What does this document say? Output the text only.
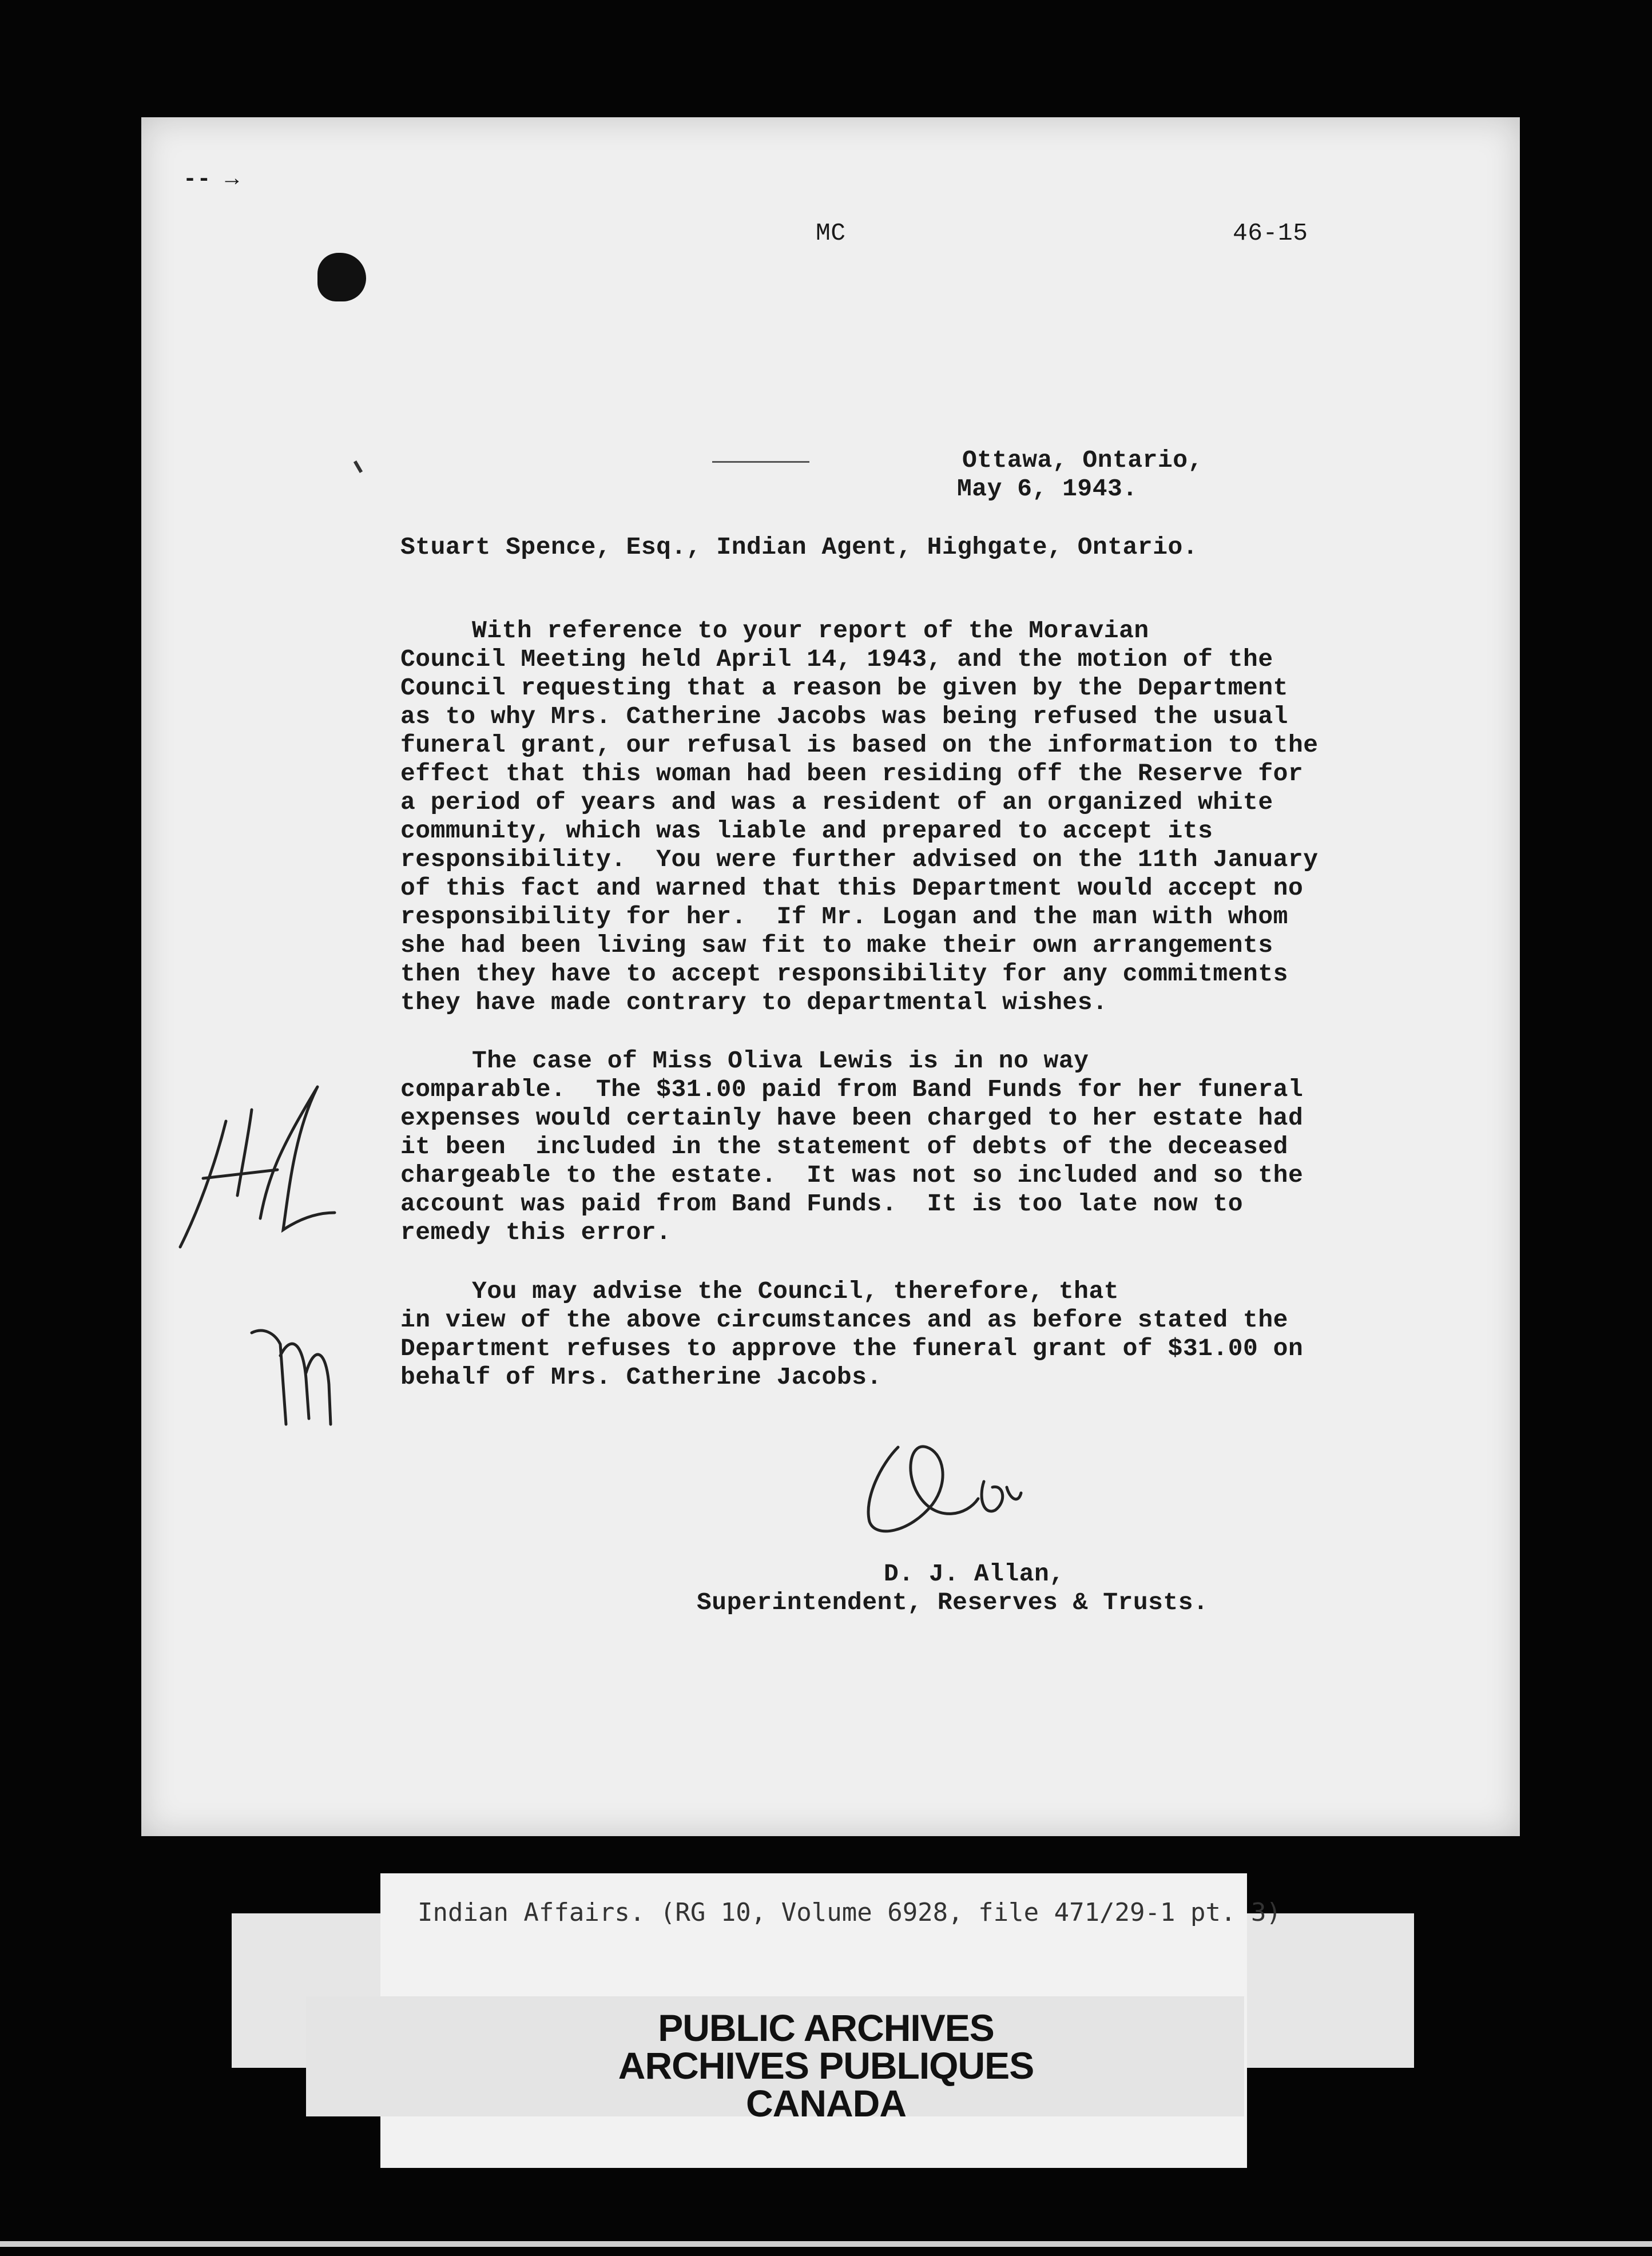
-- →
MC	46-15
Ottawa, Ontario,
May 6, 1943.
Stuart Spence, Esq., Indian Agent, Highgate, Ontario.
With reference to your report of the Moravian
Council Meeting held April 14, 1943, and the motion of the
Council requesting that a reason be given by the Department
as to why Mrs. Catherine Jacobs was being refused the usual
funeral grant, our refusal is based on the information to the
effect that this woman had been residing off the Reserve for
a period of years and was a resident of an organized white
community, which was liable and prepared to accept its
responsibility.  You were further advised on the 11th January
of this fact and warned that this Department would accept no
responsibility for her.  If Mr. Logan and the man with whom
she had been living saw fit to make their own arrangements
then they have to accept responsibility for any commitments
they have made contrary to departmental wishes.
The case of Miss Oliva Lewis is in no way
comparable.  The $31.00 paid from Band Funds for her funeral
expenses would certainly have been charged to her estate had
it been  included in the statement of debts of the deceased
chargeable to the estate.  It was not so included and so the
account was paid from Band Funds.  It is too late now to
remedy this error.
You may advise the Council, therefore, that
in view of the above circumstances and as before stated the
Department refuses to approve the funeral grant of $31.00 on
behalf of Mrs. Catherine Jacobs.
D. J. Allan,
Superintendent, Reserves & Trusts.
Indian Affairs. (RG 10, Volume 6928, file 471/29-1 pt. 3)
PUBLIC ARCHIVES
ARCHIVES PUBLIQUES
CANADA
